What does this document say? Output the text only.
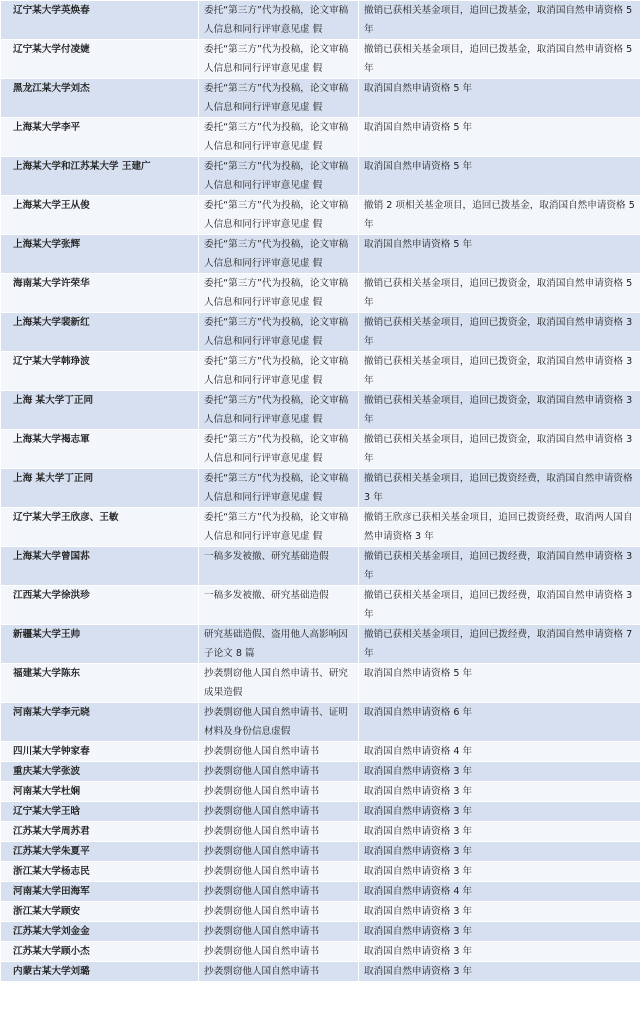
辽宁某大学英焕春	委托“第三方”代为投稿，论文审稿人信息和同行评审意见虚 假	撤销已获相关基金项目，追回已拨基金，取消国自然申请资格 5 年
辽宁某大学付凌婕	委托“第三方”代为投稿，论文审稿人信息和同行评审意见虚 假	撤销已获相关基金项目，追回已拨基金，取消国自然申请资格 5 年
黑龙江某大学刘杰	委托“第三方”代为投稿，论文审稿人信息和同行评审意见虚 假	取消国自然申请资格 5 年
上海某大学李平	委托“第三方”代为投稿，论文审稿人信息和同行评审意见虚 假	取消国自然申请资格 5 年
上海某大学和江苏某大学 王建广	委托“第三方”代为投稿，论文审稿人信息和同行评审意见虚 假	取消国自然申请资格 5 年
上海某大学王从俊	委托“第三方”代为投稿，论文审稿人信息和同行评审意见虚 假	撤销 2 项相关基金项目，追回已拨基金，取消国自然申请资格 5 年
上海某大学张辉	委托“第三方”代为投稿，论文审稿人信息和同行评审意见虚 假	取消国自然申请资格 5 年
海南某大学许荣华	委托“第三方”代为投稿，论文审稿人信息和同行评审意见虚 假	撤销已获相关基金项目，追回已拨资金，取消国自然申请资格 5 年
上海某大学裴新红	委托“第三方”代为投稿，论文审稿人信息和同行评审意见虚 假	撤销已获相关基金项目，追回已拨资金，取消国自然申请资格 3 年
辽宁某大学韩琤波	委托“第三方”代为投稿，论文审稿人信息和同行评审意见虚 假	撤销已获相关基金项目，追回已拨资金，取消国自然申请资格 3 年
上海 某大学丁正同	委托“第三方”代为投稿，论文审稿人信息和同行评审意见虚 假	撤销已获相关基金项目，追回已拨资金，取消国自然申请资格 3 年
上海某大学褐志軍	委托“第三方”代为投稿，论文审稿人信息和同行评审意见虚 假	撤销已获相关基金项目，追回已拨资金，取消国自然申请资格 3 年
上海 某大学丁正同	委托“第三方”代为投稿，论文审稿人信息和同行评审意见虚 假	撤销已获相关基金项目，追回已拨资经费，取消国自然申请资格 3 年
辽宁某大学王欣彦、王敏	委托“第三方”代为投稿，论文审稿人信息和同行评审意见虚 假	撤销王欣彦已获相关基金项目，追回已拨资经费，取消两人国自然申请资格 3 年
上海某大学曾国荪	一稿多发被撤、研究基础造假	撤销已获相关基金项目，追回已拨经费，取消国自然申请资格 3 年
江西某大学徐洪珍	一稿多发被撤、研究基础造假	撤销已获相关基金项目，追回已拨经费，取消国自然申请资格 3 年
新疆某大学王帅	研究基础造假、盗用他人高影响因子论文 8 篇	撤销已获相关基金项目，追回已拨经费，取消国自然申请资格 7 年
福建某大学陈东	抄袭剽窃他人国自然申请书、研究成果造假	取消国自然申请资格 5 年
河南某大学李元晓	抄袭剽窃他人国自然申请书、证明材料及身份信息虚假	取消国自然申请资格 6 年
四川某大学钟家春	抄袭剽窃他人国自然申请书	取消国自然申请资格 4 年
重庆某大学张波	抄袭剽窃他人国自然申请书	取消国自然申请资格 3 年
河南某大学杜娴	抄袭剽窃他人国自然申请书	取消国自然申请资格 3 年
辽宁某大学王晗	抄袭剽窃他人国自然申请书	取消国自然申请资格 3 年
江苏某大学周苏君	抄袭剽窃他人国自然申请书	取消国自然申请资格 3 年
江苏某大学朱夏平	抄袭剽窃他人国自然申请书	取消国自然申请资格 3 年
浙江某大学杨志民	抄袭剽窃他人国自然申请书	取消国自然申请资格 3 年
河南某大学田海军	抄袭剽窃他人国自然申请书	取消国自然申请资格 4 年
浙江某大学顾安	抄袭剽窃他人国自然申请书	取消国自然申请资格 3 年
江苏某大学刘金金	抄袭剽窃他人国自然申请书	取消国自然申请资格 3 年
江苏某大学顾小杰	抄袭剽窃他人国自然申请书	取消国自然申请资格 3 年
内蒙古某大学刘璐	抄袭剽窃他人国自然申请书	取消国自然申请资格 3 年
